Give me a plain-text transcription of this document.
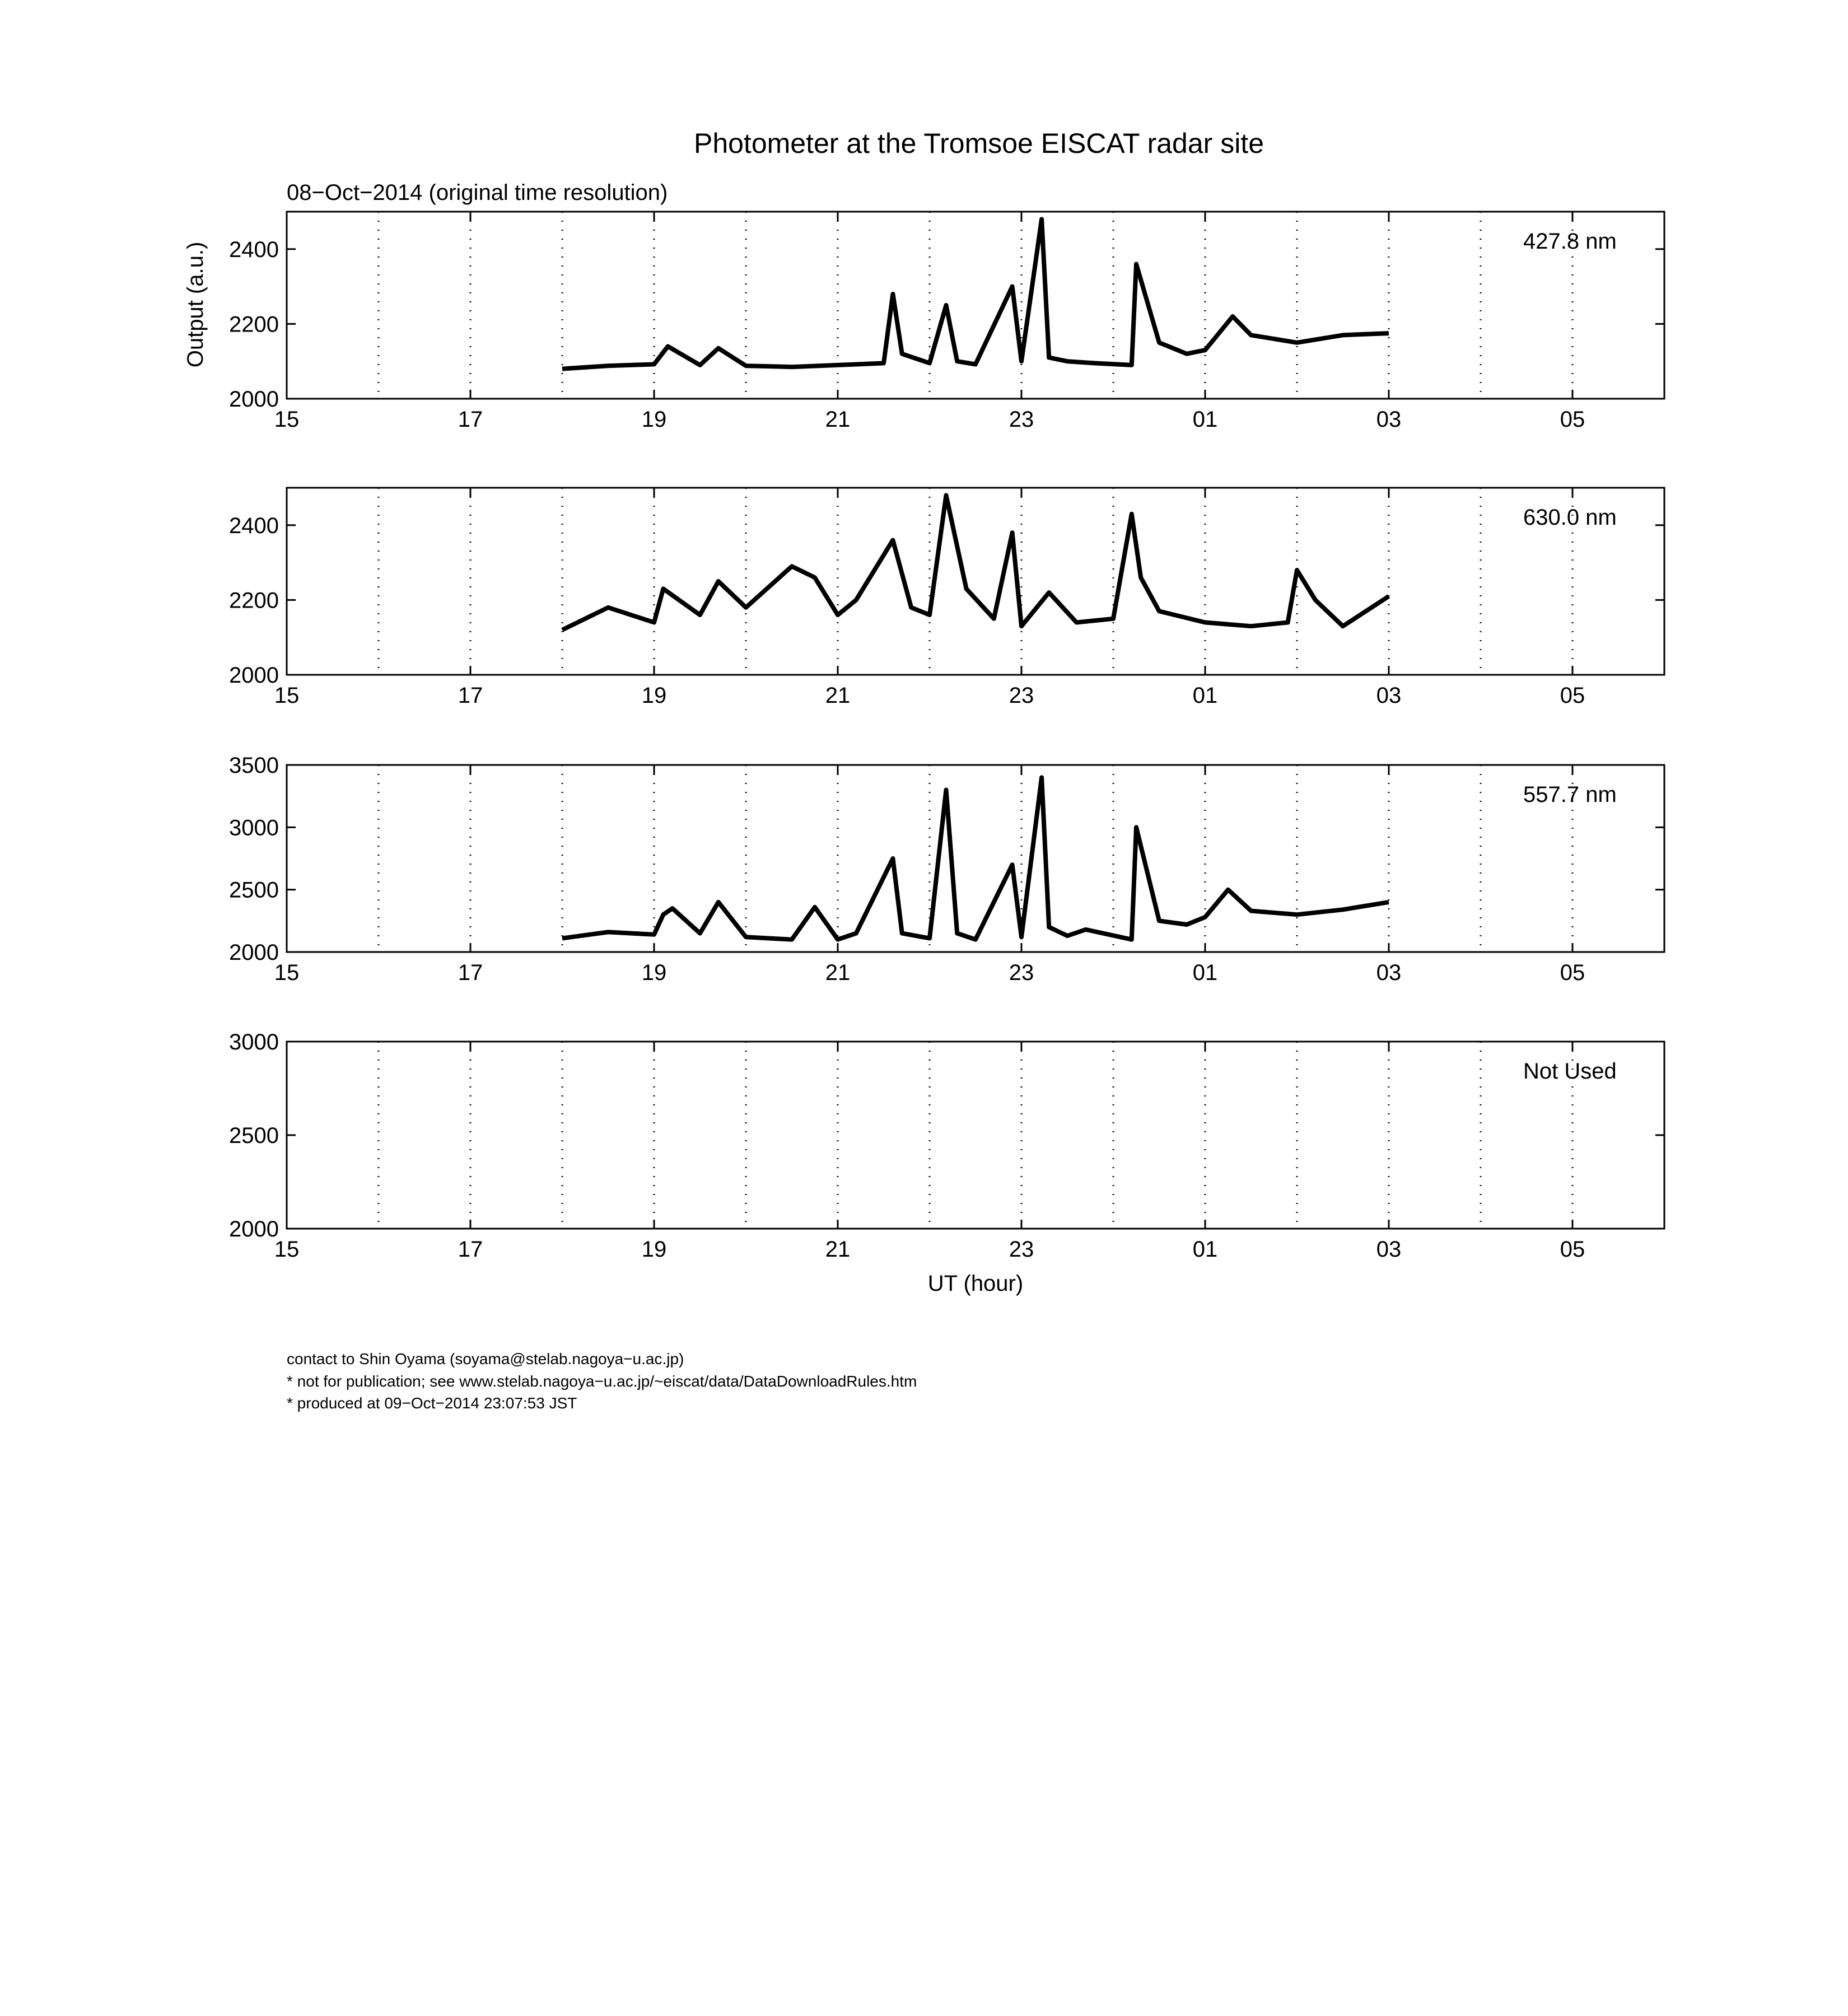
Photometer at the Tromsoe EISCAT radar site
08−Oct−2014 (original time resolution)
Output (a.u.)
UT (hour)
15	17	19	21	23	01	03	05
2000
2200
2400	427.8 nm
15	17	19	21	23	01	03	05
2000
2200
2400	630.0 nm
15	17	19	21	23	01	03	05
2000
2500
3000
3500
557.7 nm
15	17	19	21	23	01	03	05
2000
2500
3000
Not Used
contact to Shin Oyama (soyama@stelab.nagoya−u.ac.jp)
* not for publication; see www.stelab.nagoya−u.ac.jp/~eiscat/data/DataDownloadRules.htm
* produced at 09−Oct−2014 23:07:53 JST
